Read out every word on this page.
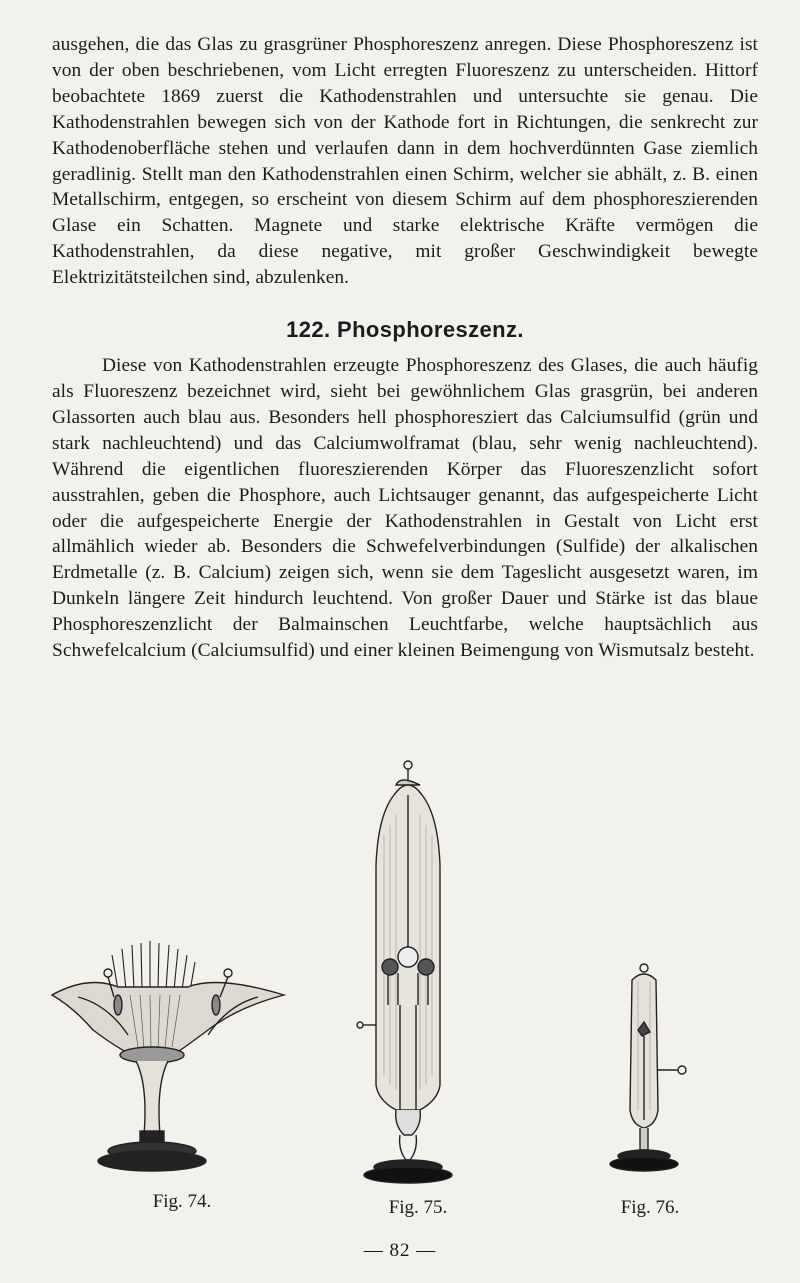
ausgehen, die das Glas zu grasgrüner Phosphoreszenz anregen. Diese Phosphoreszenz ist von der oben beschriebenen, vom Licht erregten Fluoreszenz zu unterscheiden. Hittorf beobachtete 1869 zuerst die Kathodenstrahlen und untersuchte sie genau. Die Kathodenstrahlen bewegen sich von der Kathode fort in Richtungen, die senkrecht zur Kathodenoberfläche stehen und verlaufen dann in dem hochverdünnten Gase ziemlich geradlinig. Stellt man den Kathodenstrahlen einen Schirm, welcher sie abhält, z. B. einen Metallschirm, entgegen, so erscheint von diesem Schirm auf dem phosphoreszierenden Glase ein Schatten. Magnete und starke elektrische Kräfte vermögen die Kathodenstrahlen, da diese negative, mit großer Geschwindigkeit bewegte Elektrizitätsteilchen sind, abzulenken.

122. Phosphoreszenz.

Diese von Kathodenstrahlen erzeugte Phosphoreszenz des Glases, die auch häufig als Fluoreszenz bezeichnet wird, sieht bei gewöhnlichem Glas grasgrün, bei anderen Glassorten auch blau aus. Besonders hell phosphoresziert das Calciumsulfid (grün und stark nachleuchtend) und das Calciumwolframat (blau, sehr wenig nachleuchtend). Während die eigentlichen fluoreszierenden Körper das Fluoreszenzlicht sofort ausstrahlen, geben die Phosphore, auch Lichtsauger genannt, das aufgespeicherte Licht oder die aufgespeicherte Energie der Kathodenstrahlen in Gestalt von Licht erst allmählich wieder ab. Besonders die Schwefelverbindungen (Sulfide) der alkalischen Erdmetalle (z. B. Calcium) zeigen sich, wenn sie dem Tageslicht ausgesetzt waren, im Dunkeln längere Zeit hindurch leuchtend. Von großer Dauer und Stärke ist das blaue Phosphoreszenzlicht der Balmainschen Leuchtfarbe, welche hauptsächlich aus Schwefelcalcium (Calciumsulfid) und einer kleinen Beimengung von Wismutsalz besteht.

Fig. 74.	Fig. 75.	Fig. 76.
— 82 —
